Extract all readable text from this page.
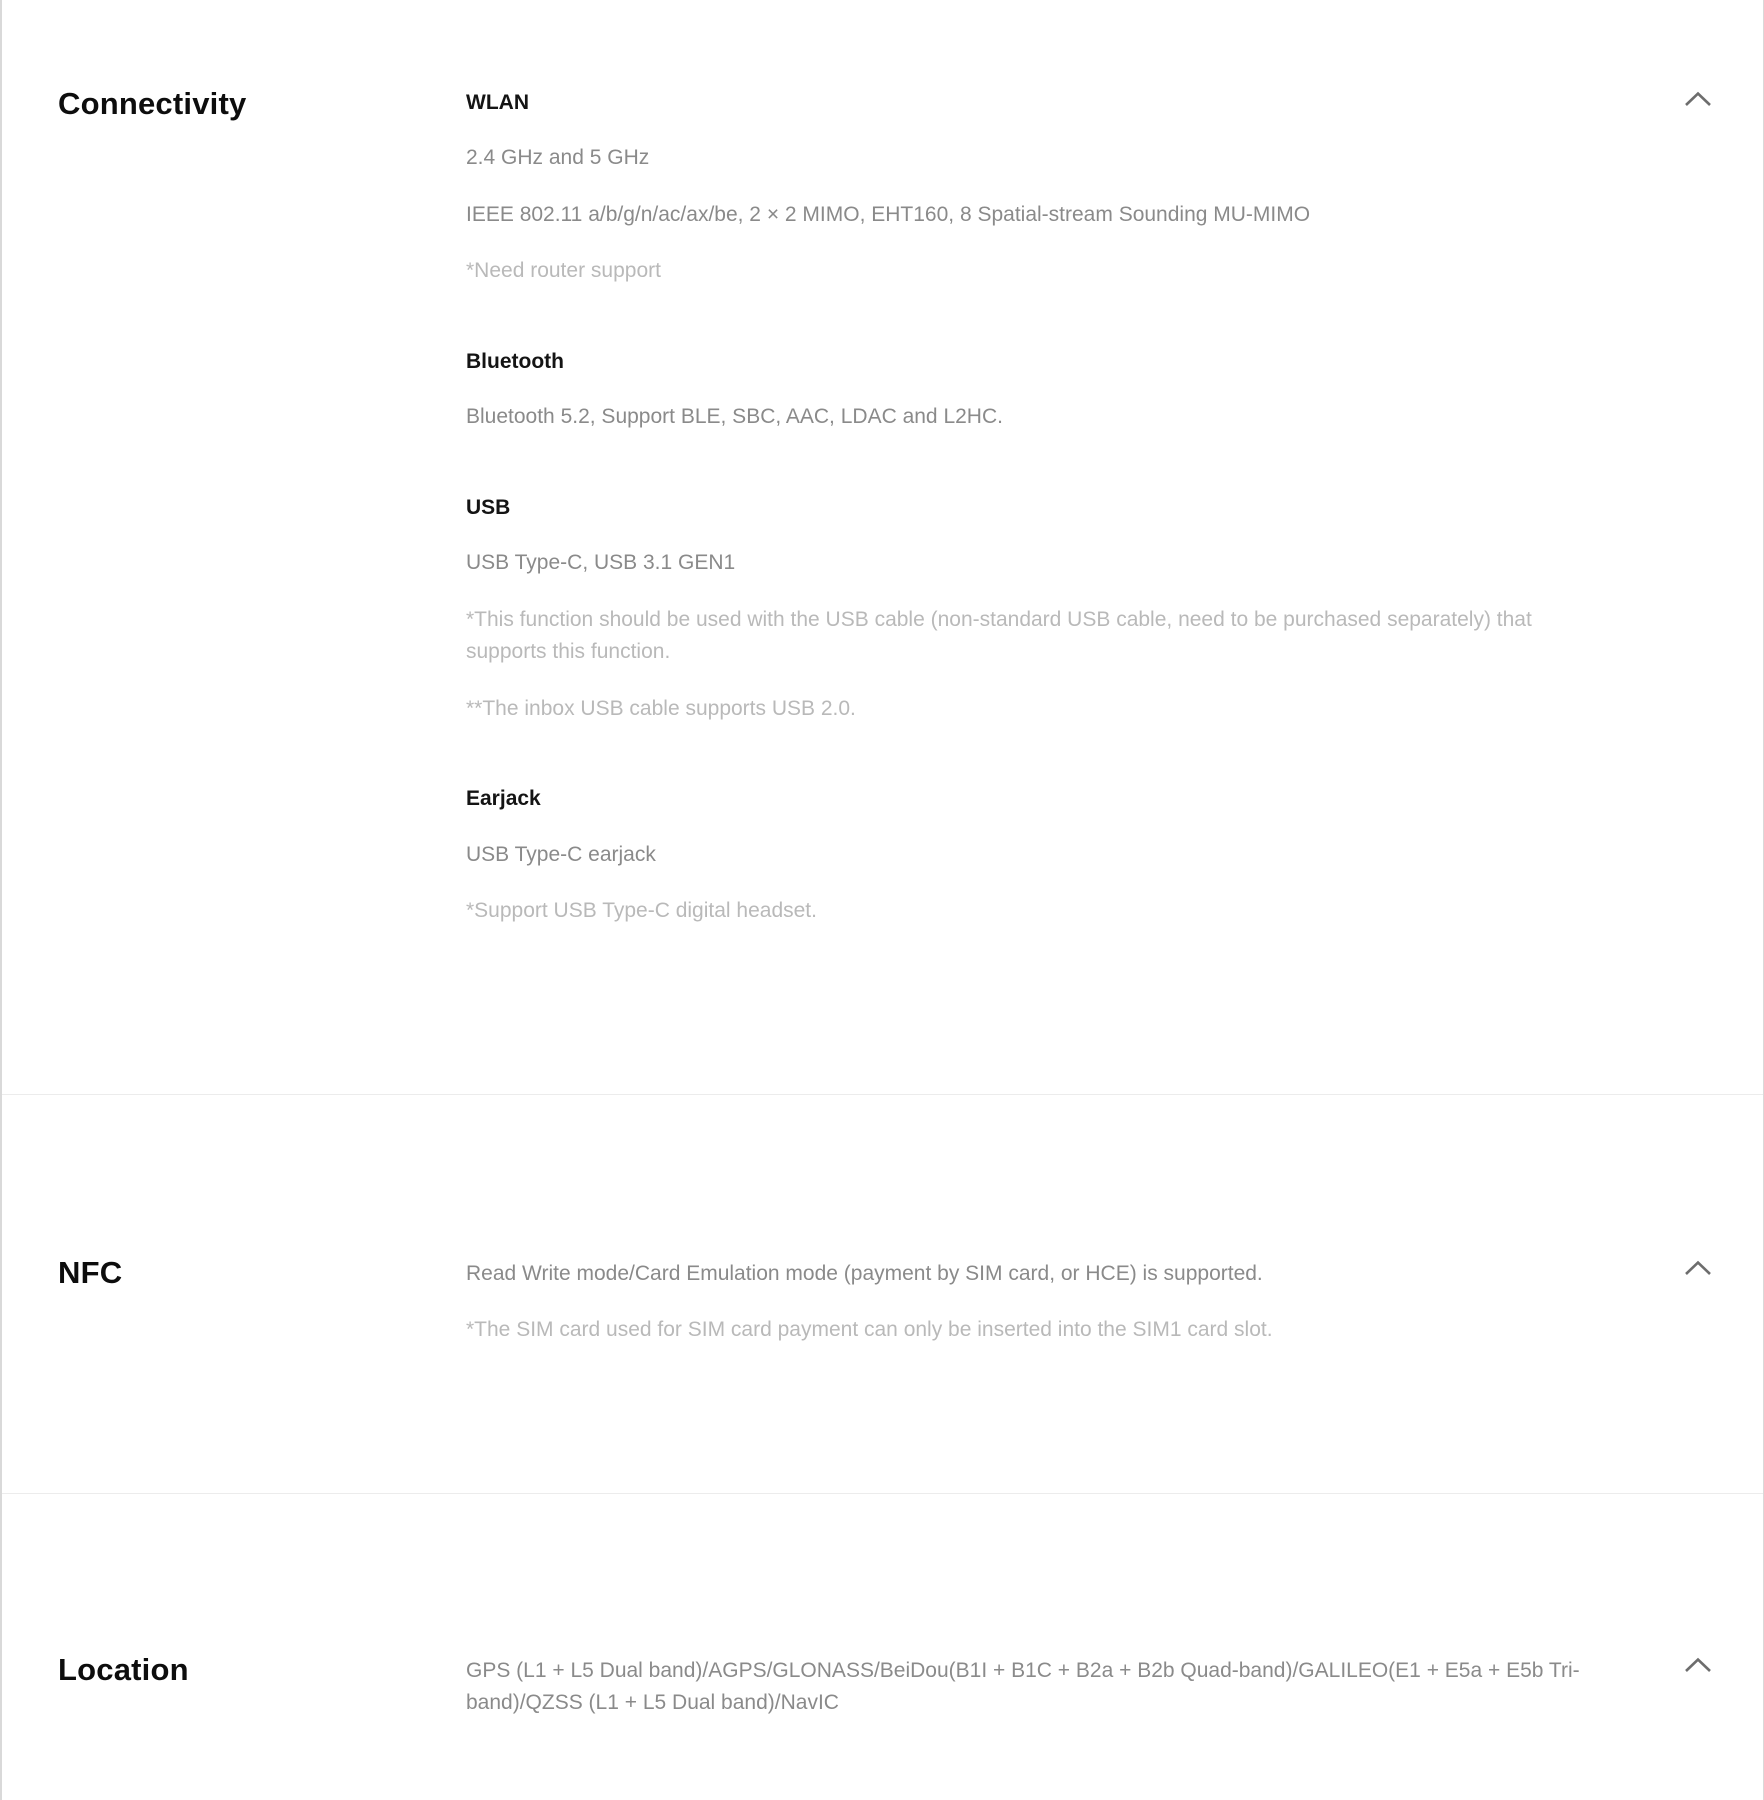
Connectivity	WLAN

2.4 GHz and 5 GHz

IEEE 802.11 a/b/g/n/ac/ax/be, 2 × 2 MIMO, EHT160, 8 Spatial-stream Sounding MU-MIMO

*Need router support

Bluetooth

Bluetooth 5.2, Support BLE, SBC, AAC, LDAC and L2HC.

USB

USB Type-C, USB 3.1 GEN1

*This function should be used with the USB cable (non-standard USB cable, need to be purchased separately) that supports this function.

**The inbox USB cable supports USB 2.0.

Earjack

USB Type-C earjack

*Support USB Type-C digital headset.

NFC	Read Write mode/Card Emulation mode (payment by SIM card, or HCE) is supported.

*The SIM card used for SIM card payment can only be inserted into the SIM1 card slot.

Location	GPS (L1 + L5 Dual band)/AGPS/GLONASS/BeiDou(B1I + B1C + B2a + B2b Quad-band)/GALILEO(E1 + E5a + E5b Tri-band)/QZSS (L1 + L5 Dual band)/NavIC
